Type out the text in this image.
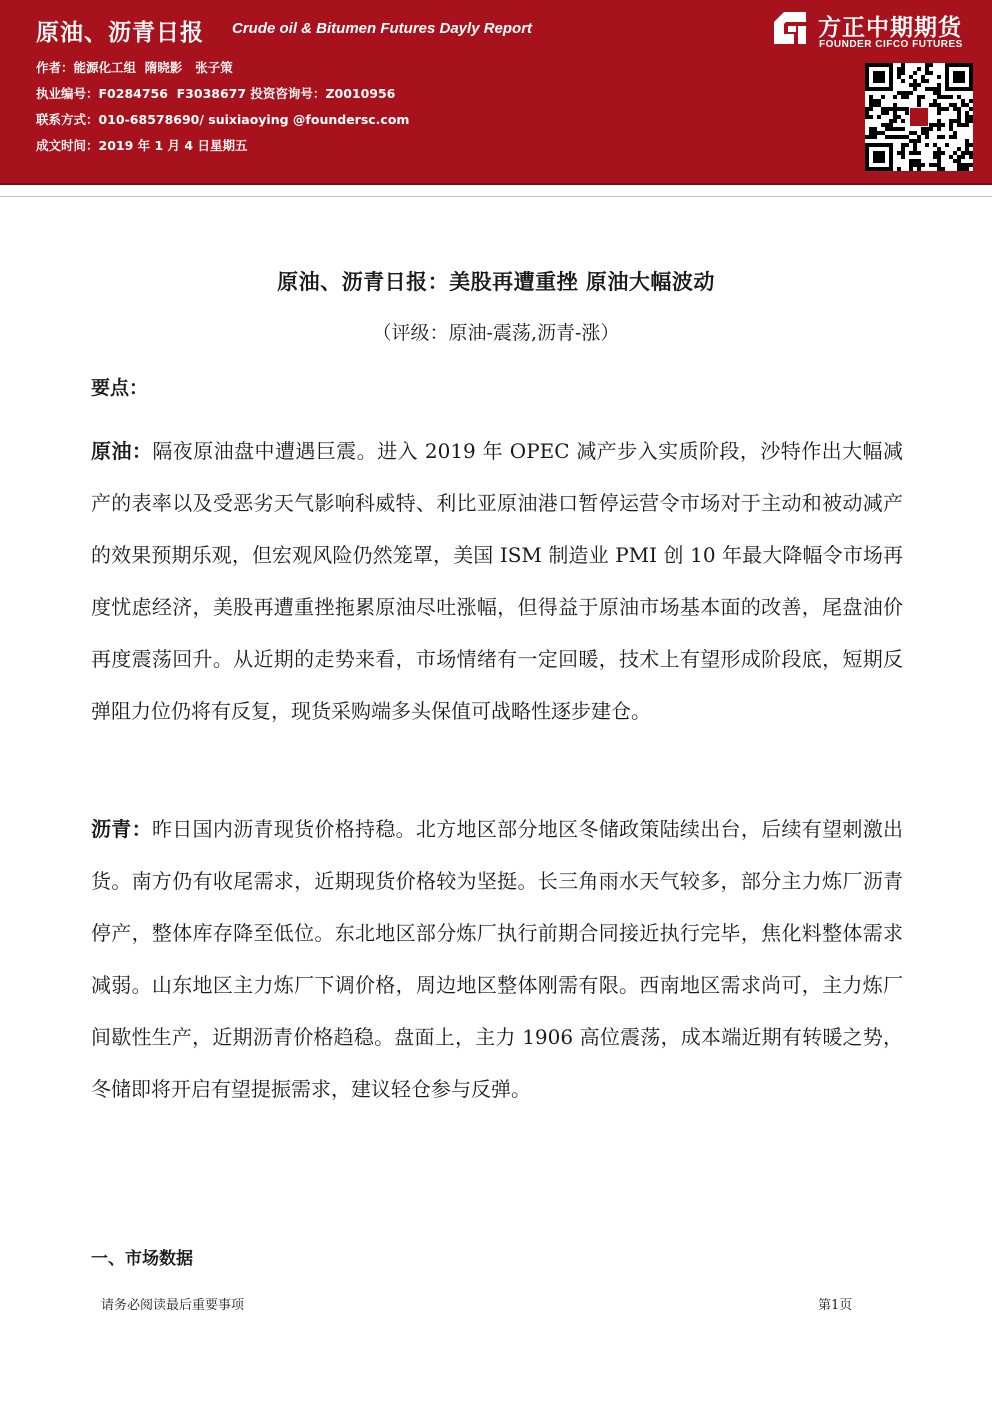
原油、沥青日报 Crude oil & Bitumen Futures Dayly Report
作者：能源化工组  隋晓影   张子策
执业编号：F0284756  F3038677 投资咨询号：Z0010956
联系方式：010-68578690/ suixiaoying @foundersc.com
成文时间：2019 年 1 月 4 日星期五
方正中期期货
FOUNDER CIFCO FUTURES
原油、沥青日报：美股再遭重挫 原油大幅波动
（评级：原油-震荡,沥青-涨）
要点：
原油：隔夜原油盘中遭遇巨震。进入 2019 年 OPEC 减产步入实质阶段，沙特作出大幅减产的表率以及受恶劣天气影响科威特、利比亚原油港口暂停运营令市场对于主动和被动减产的效果预期乐观，但宏观风险仍然笼罩，美国 ISM 制造业 PMI 创 10 年最大降幅令市场再度忧虑经济，美股再遭重挫拖累原油尽吐涨幅，但得益于原油市场基本面的改善，尾盘油价再度震荡回升。从近期的走势来看，市场情绪有一定回暖，技术上有望形成阶段底，短期反弹阻力位仍将有反复，现货采购端多头保值可战略性逐步建仓。
沥青：昨日国内沥青现货价格持稳。北方地区部分地区冬储政策陆续出台，后续有望刺激出货。南方仍有收尾需求，近期现货价格较为坚挺。长三角雨水天气较多，部分主力炼厂沥青停产，整体库存降至低位。东北地区部分炼厂执行前期合同接近执行完毕，焦化料整体需求减弱。山东地区主力炼厂下调价格，周边地区整体刚需有限。西南地区需求尚可，主力炼厂间歇性生产，近期沥青价格趋稳。盘面上，主力 1906 高位震荡，成本端近期有转暖之势，冬储即将开启有望提振需求，建议轻仓参与反弹。
一、市场数据
请务必阅读最后重要事项	第1页
